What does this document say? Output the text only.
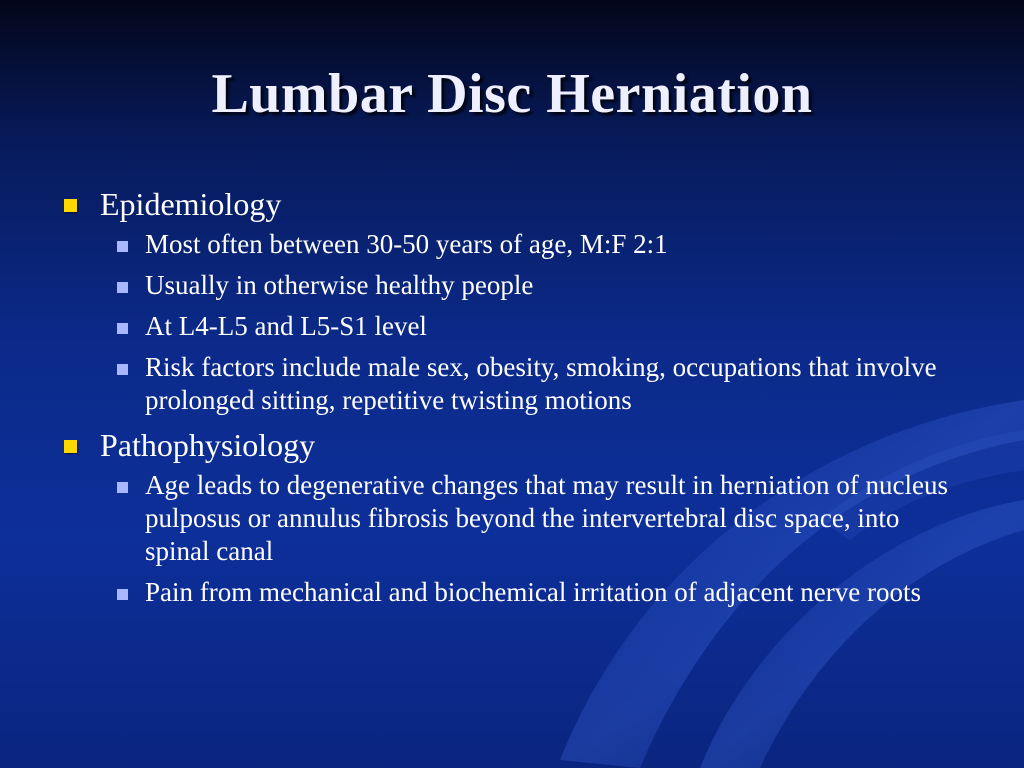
Lumbar Disc Herniation
Epidemiology
Most often between 30-50 years of age, M:F 2:1
Usually in otherwise healthy people
At L4-L5 and L5-S1 level
Risk factors include male sex, obesity, smoking, occupations that involve prolonged sitting, repetitive twisting motions
Pathophysiology
Age leads to degenerative changes that may result in herniation of nucleus pulposus or annulus fibrosis beyond the intervertebral disc space, into spinal canal
Pain from mechanical and biochemical irritation of adjacent nerve roots
